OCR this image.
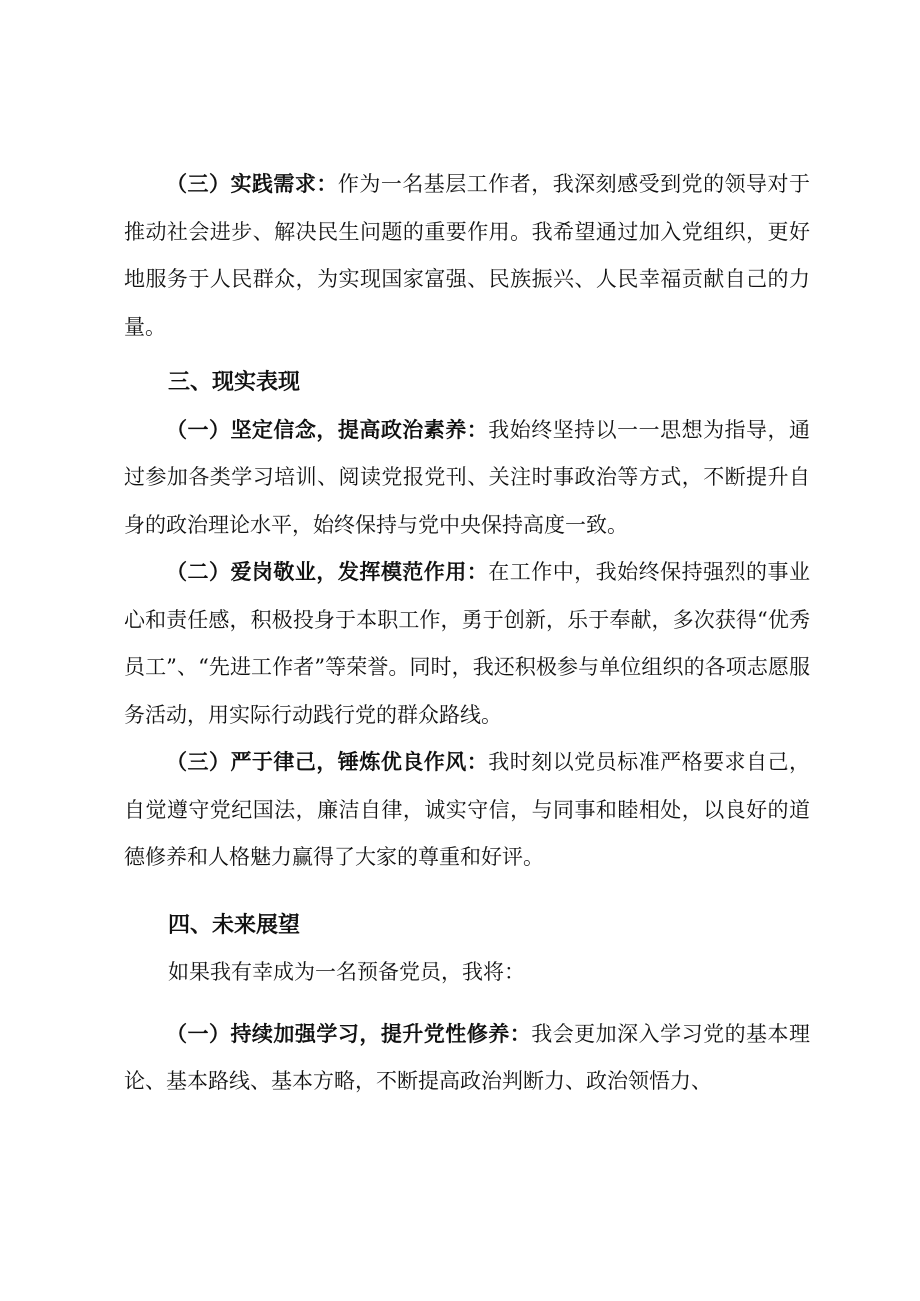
（三）实践需求：作为一名基层工作者，我深刻感受到党的领导对于推动社会进步、解决民生问题的重要作用。我希望通过加入党组织，更好地服务于人民群众，为实现国家富强、民族振兴、人民幸福贡献自己的力量。

三、现实表现

（一）坚定信念，提高政治素养：我始终坚持以一一思想为指导，通过参加各类学习培训、阅读党报党刊、关注时事政治等方式，不断提升自身的政治理论水平，始终保持与党中央保持高度一致。

（二）爱岗敬业，发挥模范作用：在工作中，我始终保持强烈的事业心和责任感，积极投身于本职工作，勇于创新，乐于奉献，多次获得“优秀员工”、“先进工作者”等荣誉。同时，我还积极参与单位组织的各项志愿服务活动，用实际行动践行党的群众路线。

（三）严于律己，锤炼优良作风：我时刻以党员标准严格要求自己，自觉遵守党纪国法，廉洁自律，诚实守信，与同事和睦相处，以良好的道德修养和人格魅力赢得了大家的尊重和好评。

四、未来展望

如果我有幸成为一名预备党员，我将：

（一）持续加强学习，提升党性修养：我会更加深入学习党的基本理论、基本路线、基本方略，不断提高政治判断力、政治领悟力、
